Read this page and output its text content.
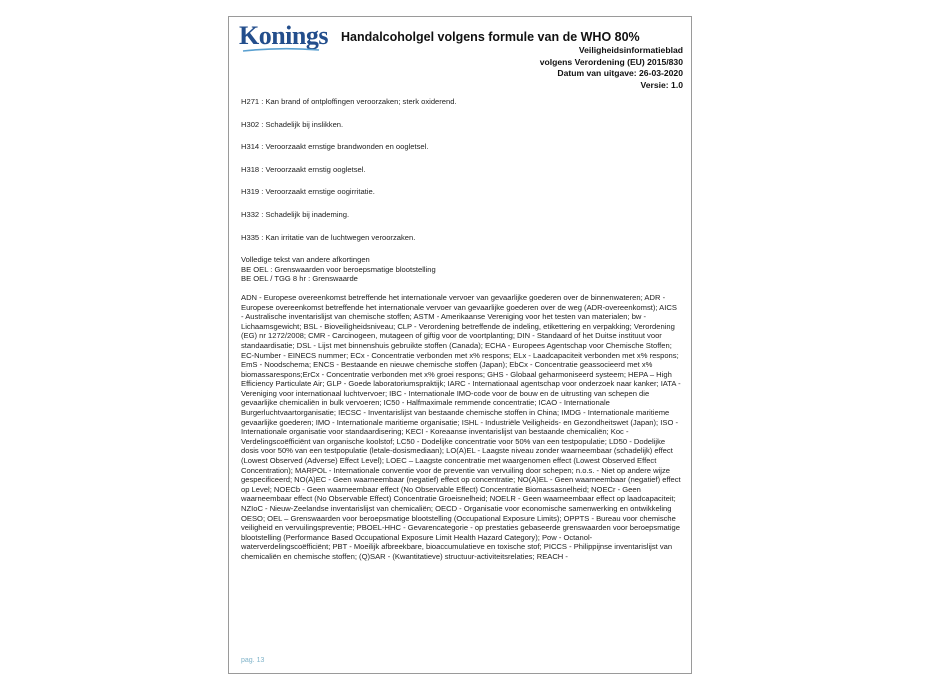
Konings Handalcoholgel volgens formule van de WHO 80%
Veiligheidsinformatieblad
volgens Verordening (EU) 2015/830
Datum van uitgave: 26-03-2020
Versie: 1.0

H271 : Kan brand of ontploffingen veroorzaken; sterk oxiderend.

H302 : Schadelijk bij inslikken.

H314 : Veroorzaakt ernstige brandwonden en oogletsel.

H318 : Veroorzaakt ernstig oogletsel.

H319 : Veroorzaakt ernstige oogirritatie.

H332 : Schadelijk bij inademing.

H335 : Kan irritatie van de luchtwegen veroorzaken.

Volledige tekst van andere afkortingen
BE OEL : Grenswaarden voor beroepsmatige blootstelling
BE OEL / TGG 8 hr : Grenswaarde

ADN - Europese overeenkomst betreffende het internationale vervoer van gevaarlijke goederen over de binnenwateren; ADR - Europese overeenkomst betreffende het internationale vervoer van gevaarlijke goederen over de weg (ADR-overeenkomst); AICS - Australische inventarislijst van chemische stoffen; ASTM - Amerikaanse Vereniging voor het testen van materialen; bw - Lichaamsgewicht; BSL - Bioveiligheidsniveau; CLP - Verordening betreffende de indeling, etikettering en verpakking; Verordening (EG) nr 1272/2008; CMR - Carcinogeen, mutageen of giftig voor de voortplanting; DIN - Standaard of het Duitse instituut voor standaardisatie; DSL - Lijst met binnenshuis gebruikte stoffen (Canada); ECHA - Europees Agentschap voor Chemische Stoffen; EC-Number - EINECS nummer; ECx - Concentratie verbonden met x% respons; ELx - Laadcapaciteit verbonden met x% respons; EmS - Noodschema; ENCS - Bestaande en nieuwe chemische stoffen (Japan); EbCx - Concentratie geassocieerd met x% biomassarespons;ErCx - Concentratie verbonden met x% groei respons; GHS - Globaal geharmoniseerd systeem; HEPA – High Efficiency Particulate Air; GLP - Goede laboratoriumspraktijk; IARC - Internationaal agentschap voor onderzoek naar kanker; IATA - Vereniging voor internationaal luchtvervoer; IBC - Internationale IMO-code voor de bouw en de uitrusting van schepen die gevaarlijke chemicaliën in bulk vervoeren; IC50 - Halfmaximale remmende concentratie; ICAO - Internationale Burgerluchtvaartorganisatie; IECSC - Inventarislijst van bestaande chemische stoffen in China; IMDG - Internationale maritieme gevaarlijke goederen; IMO - Internationale maritieme organisatie; ISHL - Industriële Veiligheids- en Gezondheitswet (Japan); ISO - Internationale organisatie voor standaardisering; KECI - Koreaanse inventarislijst van bestaande chemicaliën; Koc - Verdelingscoëfficiënt van organische koolstof; LC50 - Dodelijke concentratie voor 50% van een testpopulatie; LD50 - Dodelijke dosis voor 50% van een testpopulatie (letale-dosismediaan); LO(A)EL - Laagste niveau zonder waarneembaar (schadelijk) effect (Lowest Observed (Adverse) Effect Level); LOEC – Laagste concentratie met waargenomen effect (Lowest Observed Effect Concentration); MARPOL - Internationale conventie voor de preventie van vervuiling door schepen; n.o.s. - Niet op andere wijze gespecificeerd; NO(A)EC - Geen waarneembaar (negatief) effect op concentratie; NO(A)EL - Geen waarneembaar (negatief) effect op Level; NOECb - Geen waarneembaar effect (No Observable Effect) Concentratie Biomassasnelheid; NOECr - Geen waarneembaar effect (No Observable Effect) Concentratie Groeisnelheid; NOELR - Geen waarneembaar effect op laadcapaciteit; NZIoC - Nieuw-Zeelandse inventarislijst van chemicaliën; OECD - Organisatie voor economische samenwerking en ontwikkeling OESO; OEL – Grenswaarden voor beroepsmatige blootstelling (Occupational Exposure Limits); OPPTS - Bureau voor chemische veiligheid en vervuilingspreventie; PBOEL-HHC - Gevarencategorie - op prestaties gebaseerde grenswaarden voor beroepsmatige blootstelling (Performance Based Occupational Exposure Limit Health Hazard Category); Pow - Octanol-waterverdelingscoëfficiënt; PBT - Moeilijk afbreekbare, bioaccumulatieve en toxische stof; PICCS - Philippijnse inventarislijst van chemicaliën en chemische stoffen; (Q)SAR - (Kwantitatieve) structuur-activiteitsrelaties; REACH -

pag. 13
